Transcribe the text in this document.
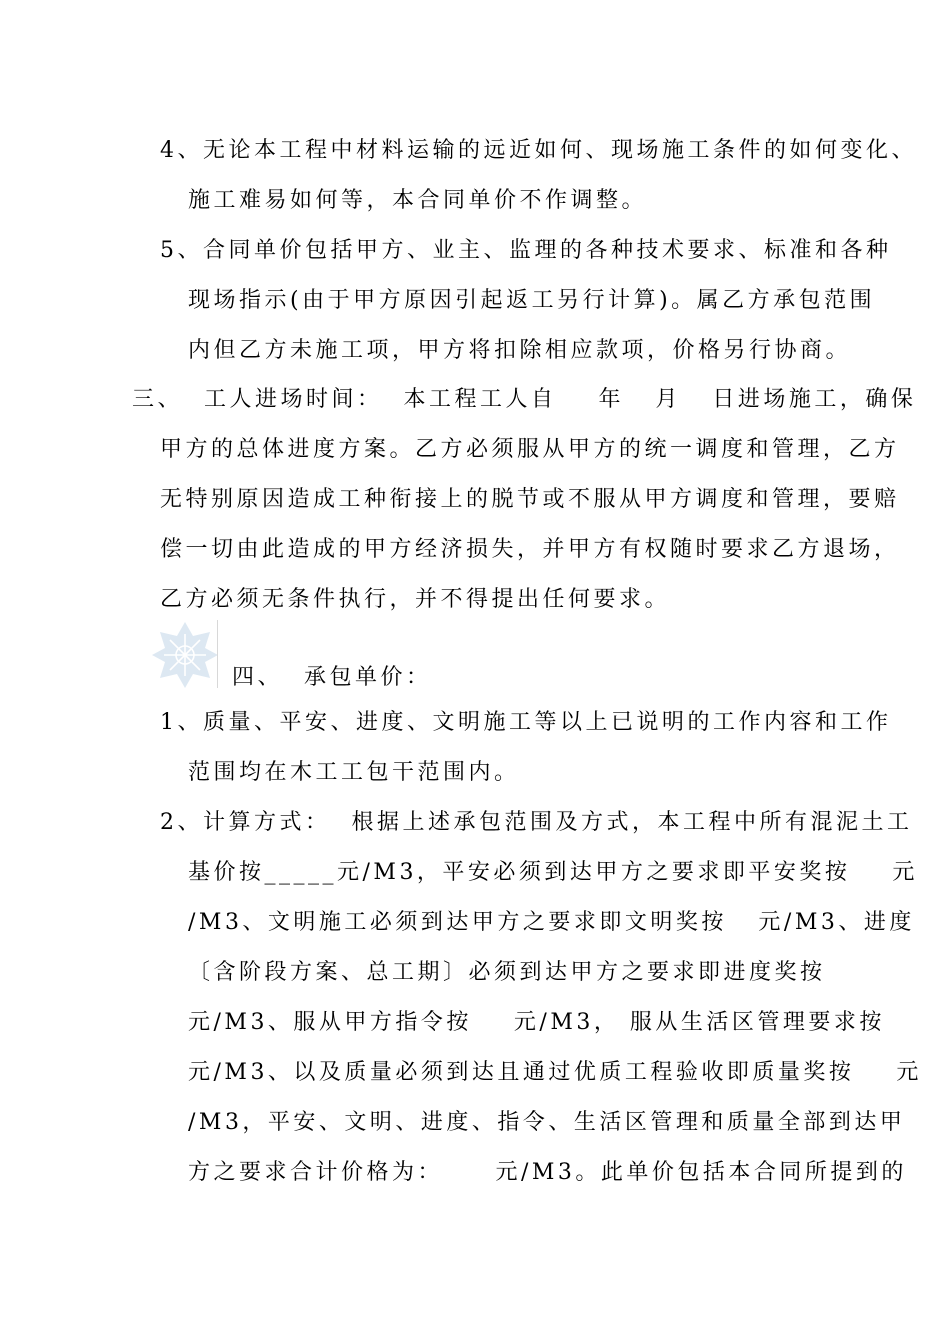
4、无论本工程中材料运输的远近如何、现场施工条件的如何变化、

施工难易如何等，本合同单价不作调整。

5、合同单价包括甲方、业主、监理的各种技术要求、标准和各种

现场指示(由于甲方原因引起返工另行计算)。属乙方承包范围

内但乙方未施工项，甲方将扣除相应款项，价格另行协商。

三、  工人进场时间：  本工程工人自    年   月   日进场施工，确保

甲方的总体进度方案。乙方必须服从甲方的统一调度和管理，乙方

无特别原因造成工种衔接上的脱节或不服从甲方调度和管理，要赔

偿一切由此造成的甲方经济损失，并甲方有权随时要求乙方退场，

乙方必须无条件执行，并不得提出任何要求。

四、  承包单价：

1、质量、平安、进度、文明施工等以上已说明的工作内容和工作

范围均在木工工包干范围内。

2、计算方式：  根据上述承包范围及方式，本工程中所有混泥土工

基价按_____元/M3，平安必须到达甲方之要求即平安奖按    元

/M3、文明施工必须到达甲方之要求即文明奖按   元/M3、进度

〔含阶段方案、总工期〕必须到达甲方之要求即进度奖按

元/M3、服从甲方指令按    元/M3， 服从生活区管理要求按

元/M3、以及质量必须到达且通过优质工程验收即质量奖按    元

/M3，平安、文明、进度、指令、生活区管理和质量全部到达甲

方之要求合计价格为：     元/M3。此单价包括本合同所提到的
